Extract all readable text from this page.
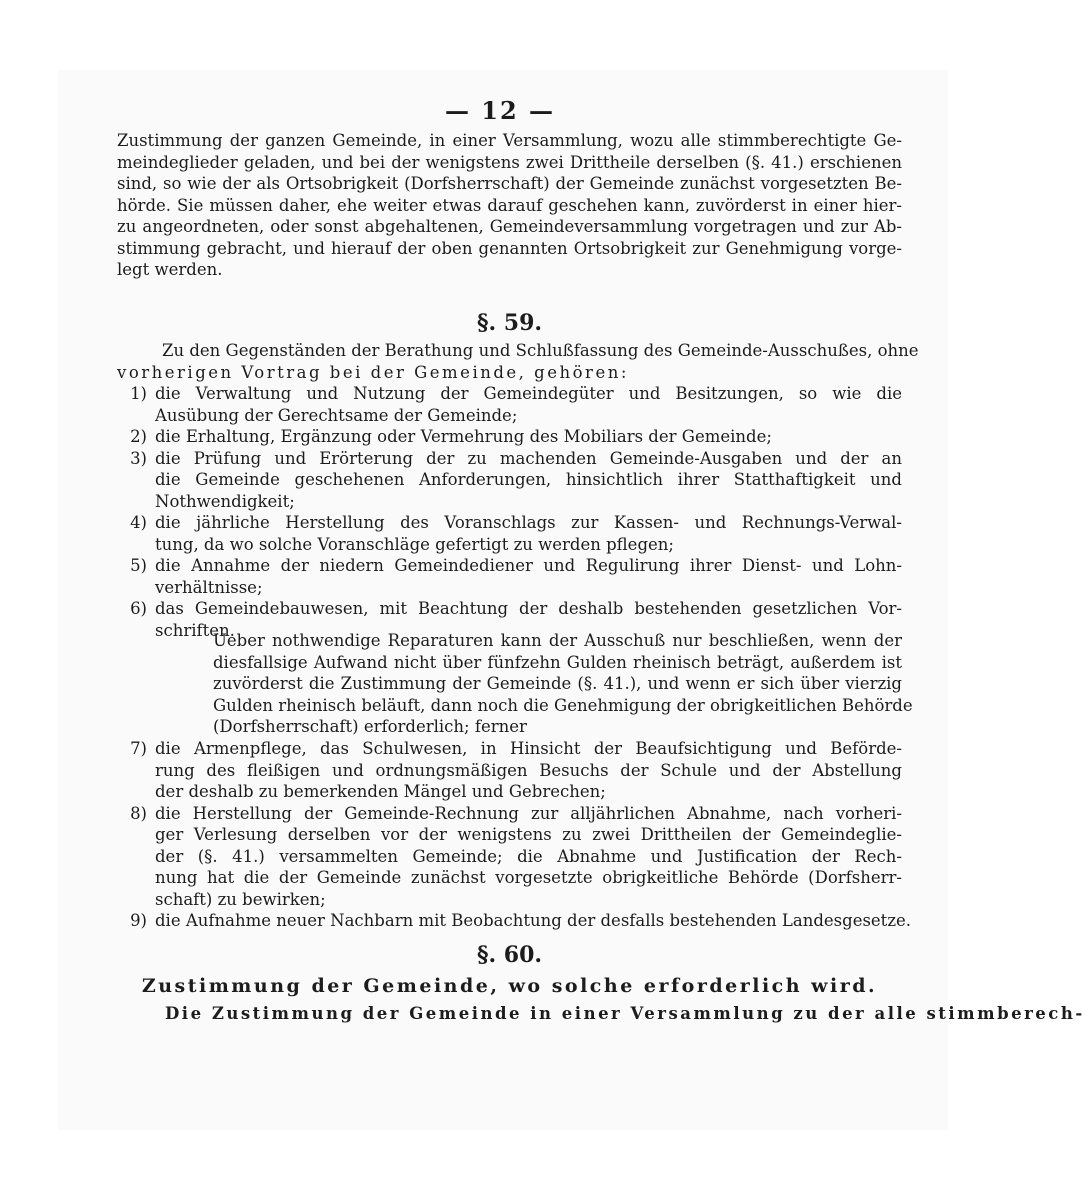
— 12 —
Zustimmung der ganzen Gemeinde, in einer Versammlung, wozu alle stimmberechtigte Ge-
meindeglieder geladen, und bei der wenigstens zwei Drittheile derselben (§. 41.) erschienen
sind, so wie der als Ortsobrigkeit (Dorfsherrschaft) der Gemeinde zunächst vorgesetzten Be-
hörde. Sie müssen daher, ehe weiter etwas darauf geschehen kann, zuvörderst in einer hier-
zu angeordneten, oder sonst abgehaltenen, Gemeindeversammlung vorgetragen und zur Ab-
stimmung gebracht, und hierauf der oben genannten Ortsobrigkeit zur Genehmigung vorge-
legt werden.
§. 59.
Zu den Gegenständen der Berathung und Schlußfassung des Gemeinde-Ausschußes, ohne
vorherigen Vortrag bei der Gemeinde, gehören:
1) die Verwaltung und Nutzung der Gemeindegüter und Besitzungen, so wie die
Ausübung der Gerechtsame der Gemeinde;
2) die Erhaltung, Ergänzung oder Vermehrung des Mobiliars der Gemeinde;
3) die Prüfung und Erörterung der zu machenden Gemeinde-Ausgaben und der an
die Gemeinde geschehenen Anforderungen, hinsichtlich ihrer Statthaftigkeit und
Nothwendigkeit;
4) die jährliche Herstellung des Voranschlags zur Kassen- und Rechnungs-Verwal-
tung, da wo solche Voranschläge gefertigt zu werden pflegen;
5) die Annahme der niedern Gemeindediener und Regulirung ihrer Dienst- und Lohn-
verhältnisse;
6) das Gemeindebauwesen, mit Beachtung der deshalb bestehenden gesetzlichen Vor-
schriften.
Ueber nothwendige Reparaturen kann der Ausschuß nur beschließen, wenn der
diesfallsige Aufwand nicht über fünfzehn Gulden rheinisch beträgt, außerdem ist
zuvörderst die Zustimmung der Gemeinde (§. 41.), und wenn er sich über vierzig
Gulden rheinisch beläuft, dann noch die Genehmigung der obrigkeitlichen Behörde
(Dorfsherrschaft) erforderlich; ferner
7) die Armenpflege, das Schulwesen, in Hinsicht der Beaufsichtigung und Beförde-
rung des fleißigen und ordnungsmäßigen Besuchs der Schule und der Abstellung
der deshalb zu bemerkenden Mängel und Gebrechen;
8) die Herstellung der Gemeinde-Rechnung zur alljährlichen Abnahme, nach vorheri-
ger Verlesung derselben vor der wenigstens zu zwei Drittheilen der Gemeindeglie-
der (§. 41.) versammelten Gemeinde; die Abnahme und Justification der Rech-
nung hat die der Gemeinde zunächst vorgesetzte obrigkeitliche Behörde (Dorfsherr-
schaft) zu bewirken;
9) die Aufnahme neuer Nachbarn mit Beobachtung der desfalls bestehenden Landesgesetze.
§. 60.
Zustimmung der Gemeinde, wo solche erforderlich wird.
Die Zustimmung der Gemeinde in einer Versammlung zu der alle stimmberech-
